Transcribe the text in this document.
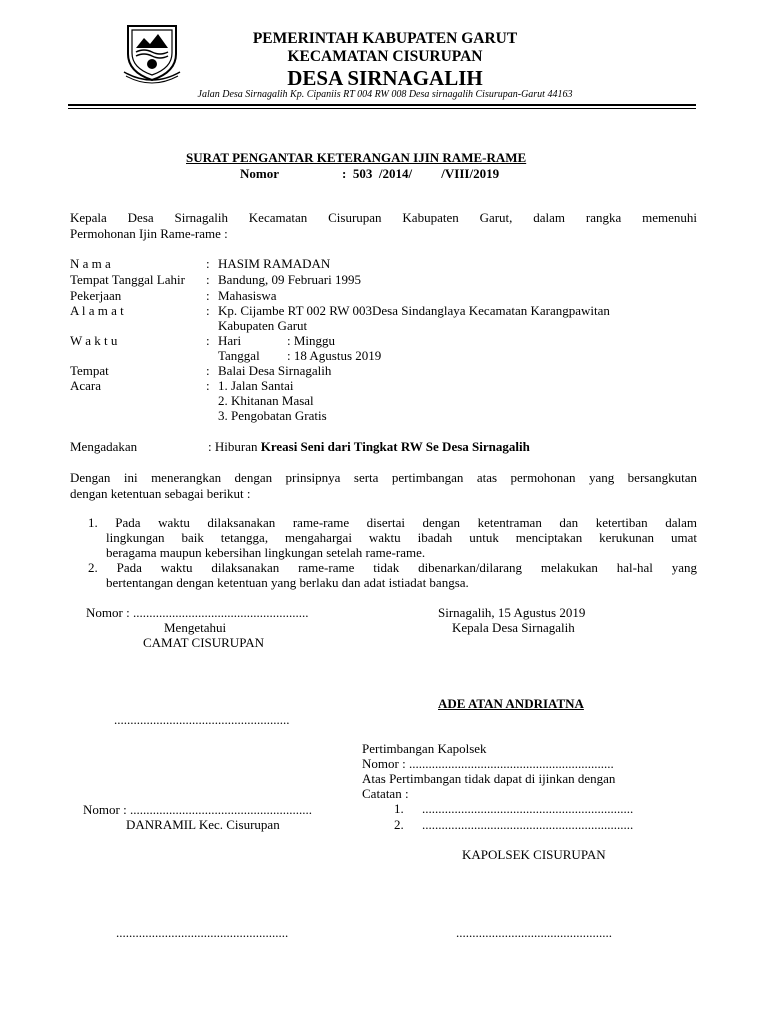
PEMERINTAH KABUPATEN GARUT
KECAMATAN CISURUPAN
DESA SIRNAGALIH
Jalan Desa Sirnagalih Kp. Cipaniis RT 004 RW 008 Desa sirnagalih Cisurupan-Garut 44163
SURAT PENGANTAR KETERANGAN IJIN RAME-RAME
Nomor	:  503  /2014/         /VIII/2019
Kepala Desa Sirnagalih Kecamatan Cisurupan Kabupaten Garut, dalam rangka memenuhi
Permohonan Ijin Rame-rame :
N a m a	: HASIM RAMADAN
Tempat Tanggal Lahir : Bandung, 09 Februari 1995
Pekerjaan	: Mahasiswa
A l a m a t	: Kp. Cijambe RT 002 RW 003Desa Sindanglaya Kecamatan Karangpawitan
Kabupaten Garut
W a k t u	: Hari	: Minggu
Tanggal : 18 Agustus 2019
Tempat	: Balai Desa Sirnagalih
Acara	: 1. Jalan Santai
2. Khitanan Masal
3. Pengobatan Gratis
Mengadakan	: Hiburan Kreasi Seni dari Tingkat RW Se Desa Sirnagalih
Dengan ini menerangkan dengan prinsipnya serta pertimbangan atas permohonan yang bersangkutan
dengan ketentuan sebagai berikut :
1. Pada waktu dilaksanakan rame-rame disertai dengan ketentraman dan ketertiban dalam
lingkungan baik tetangga, mengahargai waktu ibadah untuk menciptakan kerukunan umat
beragama maupun kebersihan lingkungan setelah rame-rame.
2. Pada waktu dilaksanakan rame-rame tidak dibenarkan/dilarang melakukan hal-hal yang
bertentangan dengan ketentuan yang berlaku dan adat istiadat bangsa.
Nomor : ......................................................
Mengetahui
CAMAT CISURUPAN
......................................................
Sirnagalih, 15 Agustus 2019
Kepala Desa Sirnagalih
ADE ATAN ANDRIATNA
Pertimbangan Kapolsek
Nomor : ...............................................................
Atas Pertimbangan tidak dapat di ijinkan dengan
Catatan :
1. .................................................................
2. .................................................................
KAPOLSEK CISURUPAN
................................................
Nomor : ........................................................
DANRAMIL Kec. Cisurupan
.....................................................
